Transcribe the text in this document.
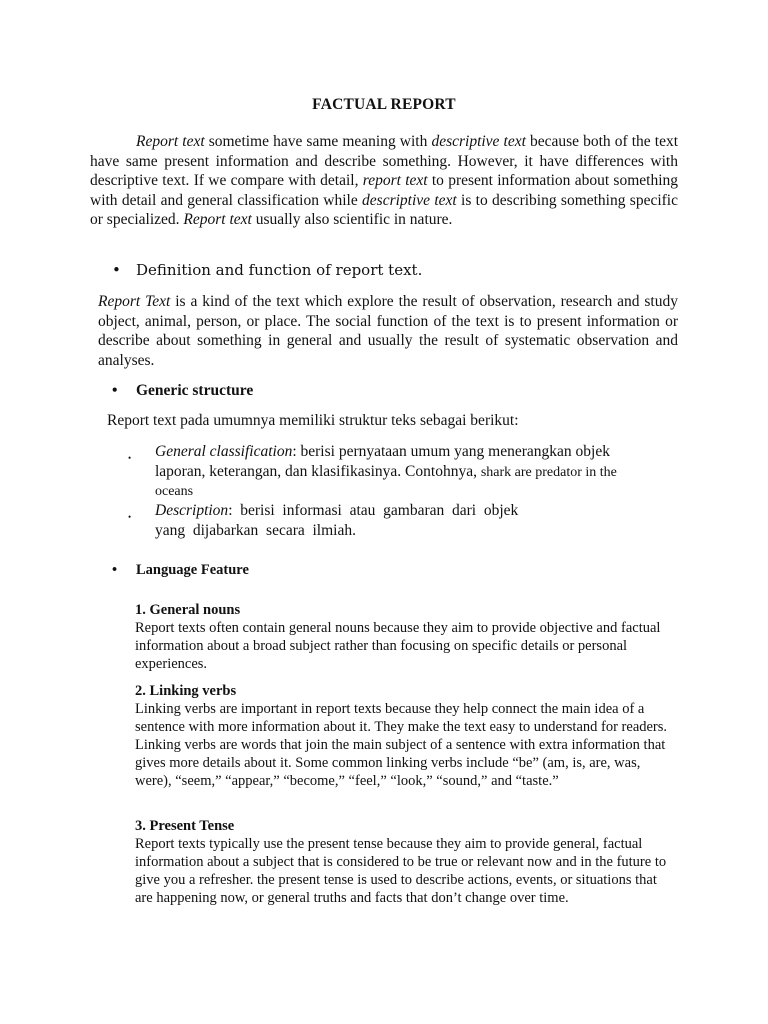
FACTUAL REPORT
Report text sometime have same meaning with descriptive text because both of the text have same present information and describe something. However, it have differences with descriptive text. If we compare with detail, report text to present information about something with detail and general classification while descriptive text is to describing something specific or specialized. Report text usually also scientific in nature.
• Definition and function of report text.
Report Text is a kind of the text which explore the result of observation, research and study object, animal, person, or place. The social function of the text is to present information or describe about something in general and usually the result of systematic observation and analyses.
• Generic structure
Report text pada umumnya memiliki struktur teks sebagai berikut:
• General classification: berisi pernyataan umum yang menerangkan objek
laporan, keterangan, dan klasifikasinya. Contohnya, shark are predator in the
oceans
• Description:  berisi  informasi  atau  gambaran  dari  objek
yang  dijabarkan  secara  ilmiah.
• Language Feature
1. General nouns
Report texts often contain general nouns because they aim to provide objective and factual information about a broad subject rather than focusing on specific details or personal experiences.
2. Linking verbs
Linking verbs are important in report texts because they help connect the main idea of a sentence with more information about it. They make the text easy to understand for readers. Linking verbs are words that join the main subject of a sentence with extra information that gives more details about it. Some common linking verbs include “be” (am, is, are, was, were), “seem,” “appear,” “become,” “feel,” “look,” “sound,” and “taste.”
3. Present Tense
Report texts typically use the present tense because they aim to provide general, factual information about a subject that is considered to be true or relevant now and in the future to give you a refresher. the present tense is used to describe actions, events, or situations that are happening now, or general truths and facts that don’t change over time.
